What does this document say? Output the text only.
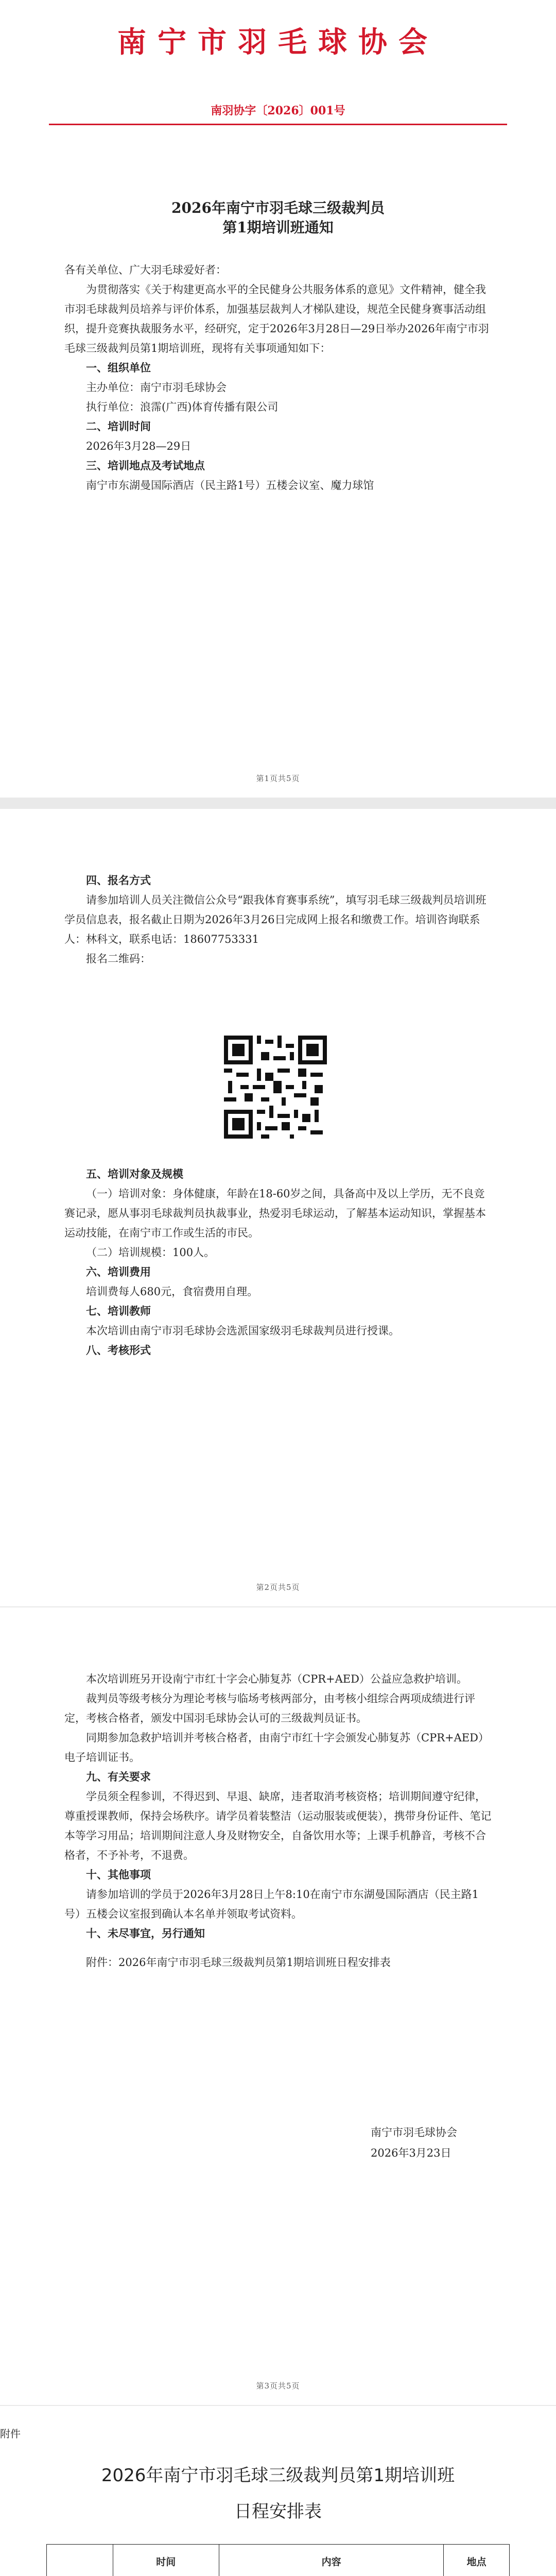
南宁市羽毛球协会
南羽协字〔2026〕001号
2026年南宁市羽毛球三级裁判员
第1期培训班通知

各有关单位、广大羽毛球爱好者：

为贯彻落实《关于构建更高水平的全民健身公共服务体系的意见》文件精神，健全我市羽毛球裁判员培养与评价体系，加强基层裁判人才梯队建设，规范全民健身赛事活动组织，提升竞赛执裁服务水平，经研究，定于2026年3月28日—29日举办2026年南宁市羽毛球三级裁判员第1期培训班，现将有关事项通知如下：

一、组织单位

主办单位：南宁市羽毛球协会

执行单位：浪霈(广西)体育传播有限公司

二、培训时间

2026年3月28—29日

三、培训地点及考试地点

南宁市东湖曼国际酒店（民主路1号）五楼会议室、魔力球馆

第1页共5页

四、报名方式

请参加培训人员关注微信公众号“跟我体育赛事系统”，填写羽毛球三级裁判员培训班学员信息表，报名截止日期为2026年3月26日完成网上报名和缴费工作。培训咨询联系人：林科文，联系电话：18607753331

报名二维码：

五、培训对象及规模

（一）培训对象：身体健康，年龄在18-60岁之间，具备高中及以上学历，无不良竞赛记录，愿从事羽毛球裁判员执裁事业，热爱羽毛球运动，了解基本运动知识，掌握基本运动技能，在南宁市工作或生活的市民。

（二）培训规模：100人。

六、培训费用

培训费每人680元，食宿费用自理。

七、培训教师

本次培训由南宁市羽毛球协会选派国家级羽毛球裁判员进行授课。

八、考核形式

第2页共5页

本次培训班另开设南宁市红十字会心肺复苏（CPR+AED）公益应急救护培训。

裁判员等级考核分为理论考核与临场考核两部分，由考核小组综合两项成绩进行评定，考核合格者，颁发中国羽毛球协会认可的三级裁判员证书。

同期参加急救护培训并考核合格者，由南宁市红十字会颁发心肺复苏（CPR+AED）电子培训证书。

九、有关要求

学员须全程参训，不得迟到、早退、缺席，违者取消考核资格；培训期间遵守纪律，尊重授课教师，保持会场秩序。请学员着装整洁（运动服装或便装），携带身份证件、笔记本等学习用品；培训期间注意人身及财物安全，自备饮用水等；上课手机静音，考核不合格者，不予补考，不退费。

十、其他事项

请参加培训的学员于2026年3月28日上午8:10在南宁市东湖曼国际酒店（民主路1号）五楼会议室报到确认本名单并领取考试资料。

十、未尽事宜，另行通知

附件：2026年南宁市羽毛球三级裁判员第1期培训班日程安排表

南宁市羽毛球协会
2026年3月23日
第3页共5页
附件
2026年南宁市羽毛球三级裁判员第1期培训班
日程安排表
	时间	内容	地点
